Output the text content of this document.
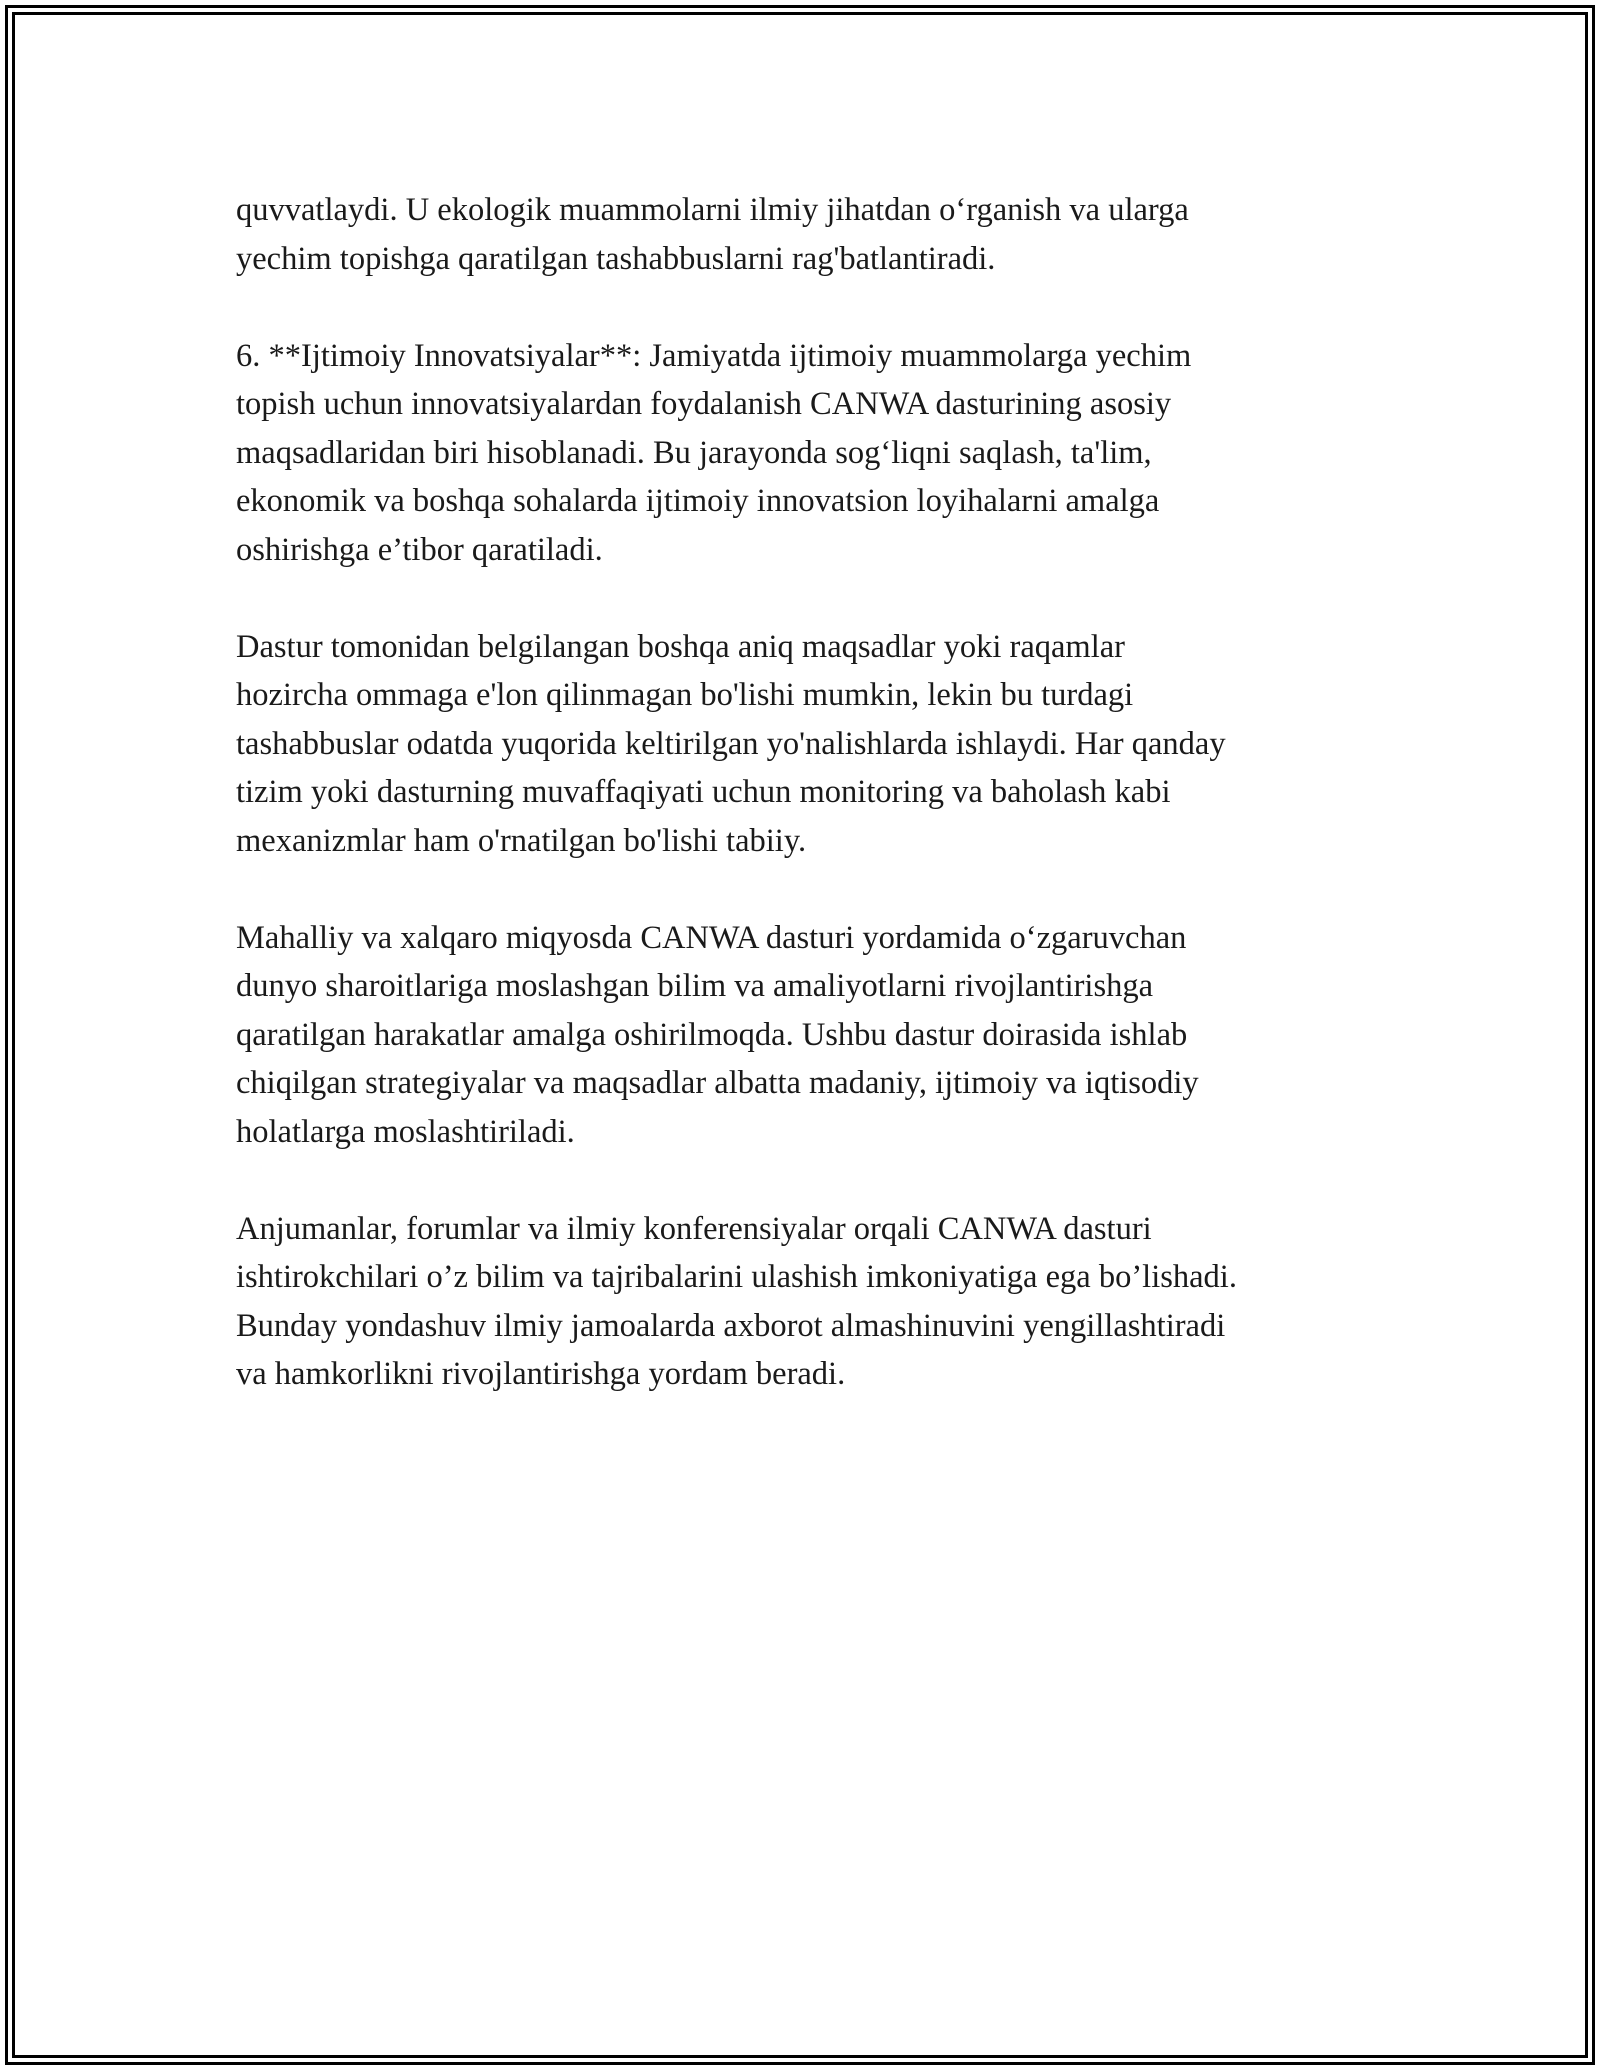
quvvatlaydi. U ekologik muammolarni ilmiy jihatdan o‘rganish va ularga
yechim topishga qaratilgan tashabbuslarni rag'batlantiradi.
6. **Ijtimoiy Innovatsiyalar**: Jamiyatda ijtimoiy muammolarga yechim
topish uchun innovatsiyalardan foydalanish CANWA dasturining asosiy
maqsadlaridan biri hisoblanadi. Bu jarayonda sog‘liqni saqlash, ta'lim,
ekonomik va boshqa sohalarda ijtimoiy innovatsion loyihalarni amalga
oshirishga e’tibor qaratiladi.
Dastur tomonidan belgilangan boshqa aniq maqsadlar yoki raqamlar
hozircha ommaga e'lon qilinmagan bo'lishi mumkin, lekin bu turdagi
tashabbuslar odatda yuqorida keltirilgan yo'nalishlarda ishlaydi. Har qanday
tizim yoki dasturning muvaffaqiyati uchun monitoring va baholash kabi
mexanizmlar ham o'rnatilgan bo'lishi tabiiy.
Mahalliy va xalqaro miqyosda CANWA dasturi yordamida o‘zgaruvchan
dunyo sharoitlariga moslashgan bilim va amaliyotlarni rivojlantirishga
qaratilgan harakatlar amalga oshirilmoqda. Ushbu dastur doirasida ishlab
chiqilgan strategiyalar va maqsadlar albatta madaniy, ijtimoiy va iqtisodiy
holatlarga moslashtiriladi.
Anjumanlar, forumlar va ilmiy konferensiyalar orqali CANWA dasturi
ishtirokchilari o’z bilim va tajribalarini ulashish imkoniyatiga ega bo’lishadi.
Bunday yondashuv ilmiy jamoalarda axborot almashinuvini yengillashtiradi
va hamkorlikni rivojlantirishga yordam beradi.
